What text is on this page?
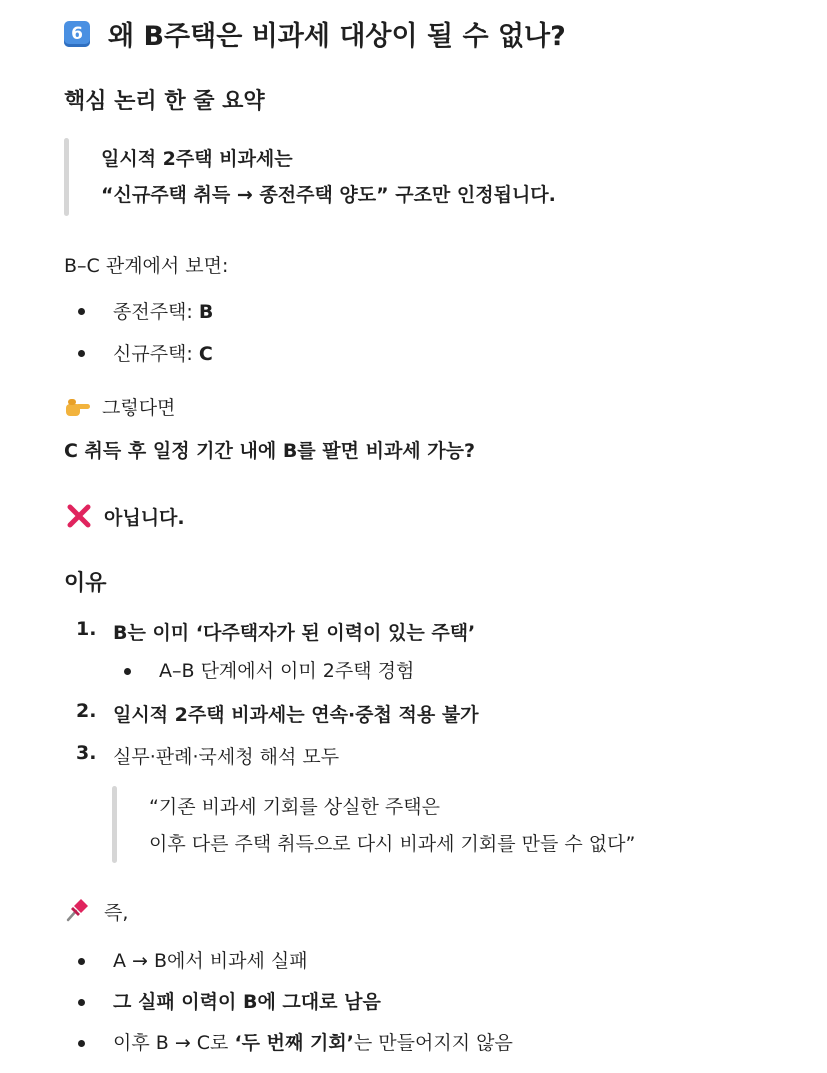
6 왜 B주택은 비과세 대상이 될 수 없나?
핵심 논리 한 줄 요약
일시적 2주택 비과세는
“신규주택 취득 → 종전주택 양도” 구조만 인정됩니다.
B–C 관계에서 보면:
종전주택: B
신규주택: C
그렇다면
C 취득 후 일정 기간 내에 B를 팔면 비과세 가능?
아닙니다.
이유
1. B는 이미 ‘다주택자가 된 이력이 있는 주택’
A–B 단계에서 이미 2주택 경험
2. 일시적 2주택 비과세는 연속·중첩 적용 불가
3. 실무·판례·국세청 해석 모두
“기존 비과세 기회를 상실한 주택은
이후 다른 주택 취득으로 다시 비과세 기회를 만들 수 없다”
즉,
A → B에서 비과세 실패
그 실패 이력이 B에 그대로 남음
이후 B → C로 ‘두 번째 기회’는 만들어지지 않음
